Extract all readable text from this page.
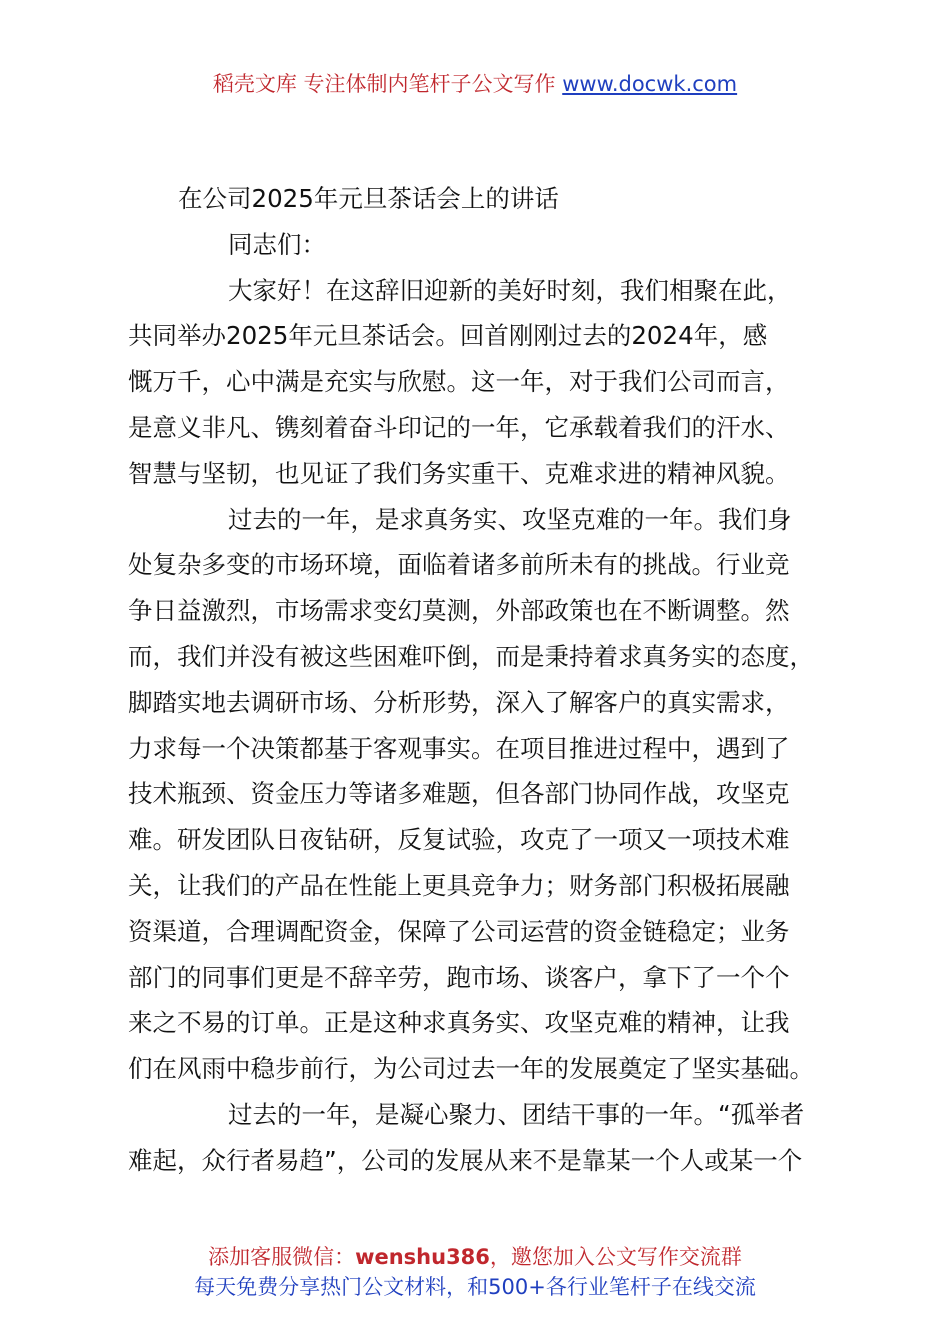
稻壳文库 专注体制内笔杆子公文写作 www.docwk.com
在公司2025年元旦茶话会上的讲话
同志们：
大家好！在这辞旧迎新的美好时刻，我们相聚在此，
共同举办2025年元旦茶话会。回首刚刚过去的2024年，感
慨万千，心中满是充实与欣慰。这一年，对于我们公司而言，
是意义非凡、镌刻着奋斗印记的一年，它承载着我们的汗水、
智慧与坚韧，也见证了我们务实重干、克难求进的精神风貌。
过去的一年，是求真务实、攻坚克难的一年。我们身
处复杂多变的市场环境，面临着诸多前所未有的挑战。行业竞
争日益激烈，市场需求变幻莫测，外部政策也在不断调整。然
而，我们并没有被这些困难吓倒，而是秉持着求真务实的态度，
脚踏实地去调研市场、分析形势，深入了解客户的真实需求，
力求每一个决策都基于客观事实。在项目推进过程中，遇到了
技术瓶颈、资金压力等诸多难题，但各部门协同作战，攻坚克
难。研发团队日夜钻研，反复试验，攻克了一项又一项技术难
关，让我们的产品在性能上更具竞争力；财务部门积极拓展融
资渠道，合理调配资金，保障了公司运营的资金链稳定；业务
部门的同事们更是不辞辛劳，跑市场、谈客户，拿下了一个个
来之不易的订单。正是这种求真务实、攻坚克难的精神，让我
们在风雨中稳步前行，为公司过去一年的发展奠定了坚实基础。
过去的一年，是凝心聚力、团结干事的一年。“孤举者
难起，众行者易趋”，公司的发展从来不是靠某一个人或某一个
添加客服微信：wenshu386，邀您加入公文写作交流群
每天免费分享热门公文材料，和500+各行业笔杆子在线交流
